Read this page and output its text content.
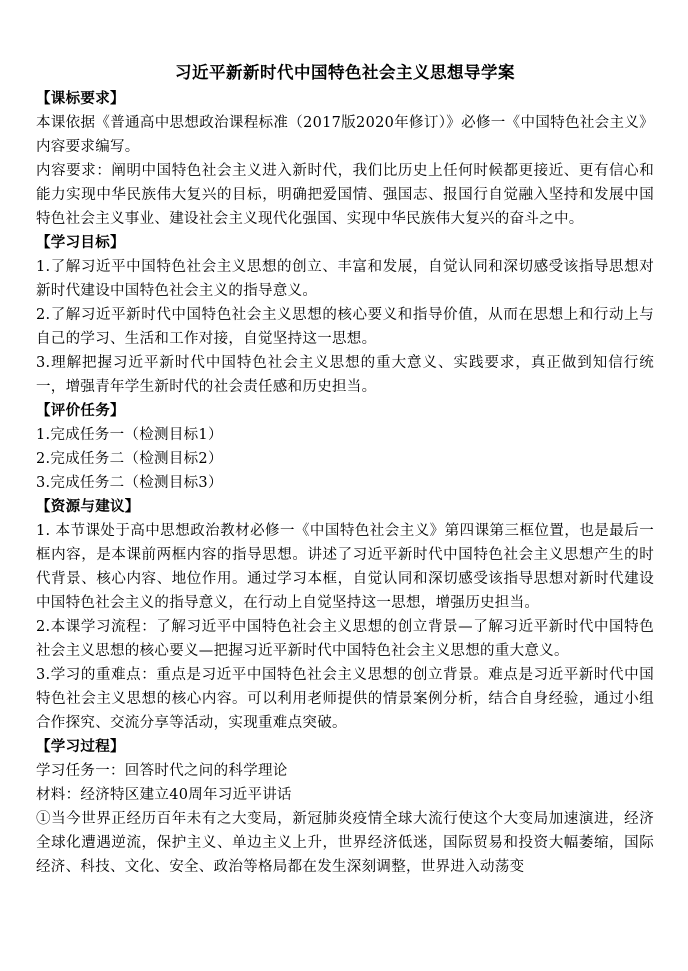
习近平新新时代中国特色社会主义思想导学案
【课标要求】

本课依据《普通高中思想政治课程标准（2017版2020年修订）》必修一《中国特色社会主义》内容要求编写。

内容要求：阐明中国特色社会主义进入新时代，我们比历史上任何时候都更接近、更有信心和能力实现中华民族伟大复兴的目标，明确把爱国情、强国志、报国行自觉融入坚持和发展中国特色社会主义事业、建设社会主义现代化强国、实现中华民族伟大复兴的奋斗之中。

【学习目标】

1.了解习近平中国特色社会主义思想的创立、丰富和发展，自觉认同和深切感受该指导思想对新时代建设中国特色社会主义的指导意义。

2.了解习近平新时代中国特色社会主义思想的核心要义和指导价值，从而在思想上和行动上与自己的学习、生活和工作对接，自觉坚持这一思想。

3.理解把握习近平新时代中国特色社会主义思想的重大意义、实践要求，真正做到知信行统一，增强青年学生新时代的社会责任感和历史担当。

【评价任务】

1.完成任务一（检测目标1）

2.完成任务二（检测目标2）

3.完成任务二（检测目标3）

【资源与建议】

1. 本节课处于高中思想政治教材必修一《中国特色社会主义》第四课第三框位置，也是最后一框内容，是本课前两框内容的指导思想。讲述了习近平新时代中国特色社会主义思想产生的时代背景、核心内容、地位作用。通过学习本框，自觉认同和深切感受该指导思想对新时代建设中国特色社会主义的指导意义，在行动上自觉坚持这一思想，增强历史担当。

2.本课学习流程：了解习近平中国特色社会主义思想的创立背景—了解习近平新时代中国特色社会主义思想的核心要义—把握习近平新时代中国特色社会主义思想的重大意义。

3.学习的重难点：重点是习近平中国特色社会主义思想的创立背景。难点是习近平新时代中国特色社会主义思想的核心内容。可以利用老师提供的情景案例分析，结合自身经验，通过小组合作探究、交流分享等活动，实现重难点突破。

【学习过程】

学习任务一：回答时代之问的科学理论

材料：经济特区建立40周年习近平讲话

①当今世界正经历百年未有之大变局，新冠肺炎疫情全球大流行使这个大变局加速演进，经济全球化遭遇逆流，保护主义、单边主义上升，世界经济低迷，国际贸易和投资大幅萎缩，国际经济、科技、文化、安全、政治等格局都在发生深刻调整，世界进入动荡变
